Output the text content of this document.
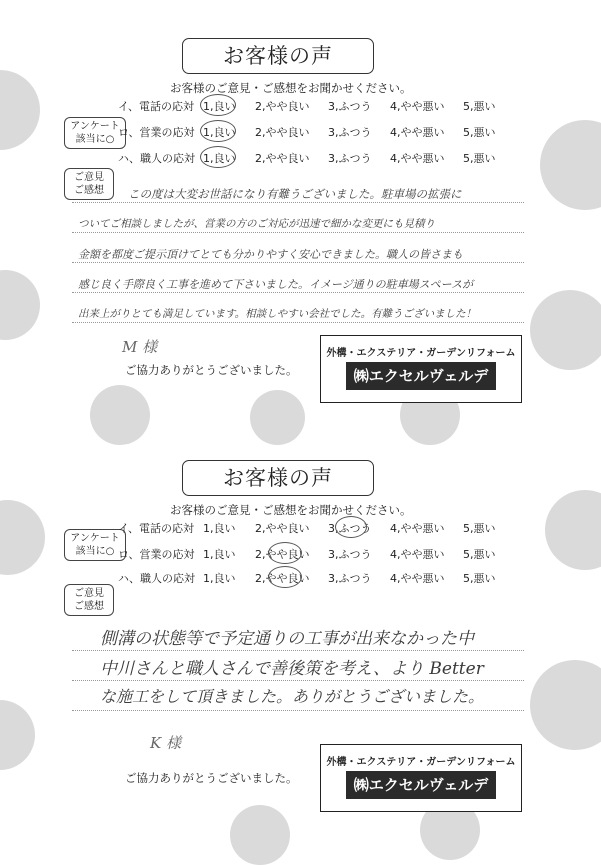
お客様の声
お客様のご意見・ご感想をお聞かせください。
アンケート
該当に○
イ、電話の応対 1,良い 2,やや良い 3,ふつう 4,やや悪い 5,悪い
ロ、営業の応対 1,良い 2,やや良い 3,ふつう 4,やや悪い 5,悪い
ハ、職人の応対 1,良い 2,やや良い 3,ふつう 4,やや悪い 5,悪い
ご意見
ご感想	この度は大変お世話になり有難うございました。駐車場の拡張に
ついてご相談しましたが、営業の方のご対応が迅速で細かな変更にも見積り
金額を都度ご提示頂けてとても分かりやすく安心できました。職人の皆さまも
感じ良く手際良く工事を進めて下さいました。イメージ通りの駐車場スペースが
出来上がりとても満足しています。相談しやすい会社でした。有難うございました！
M 様
ご協力ありがとうございました。
外構・エクステリア・ガーデンリフォーム
㈱エクセルヴェルデ
お客様の声
お客様のご意見・ご感想をお聞かせください。
アンケート
該当に○
イ、電話の応対 1,良い 2,やや良い 3,ふつう 4,やや悪い 5,悪い
ロ、営業の応対 1,良い 2,やや良い 3,ふつう 4,やや悪い 5,悪い
ハ、職人の応対 1,良い 2,やや良い 3,ふつう 4,やや悪い 5,悪い
ご意見
ご感想
側溝の状態等で予定通りの工事が出来なかった中
中川さんと職人さんで善後策を考え、より Better
な施工をして頂きました。ありがとうございました。
K 様
ご協力ありがとうございました。
外構・エクステリア・ガーデンリフォーム
㈱エクセルヴェルデ
